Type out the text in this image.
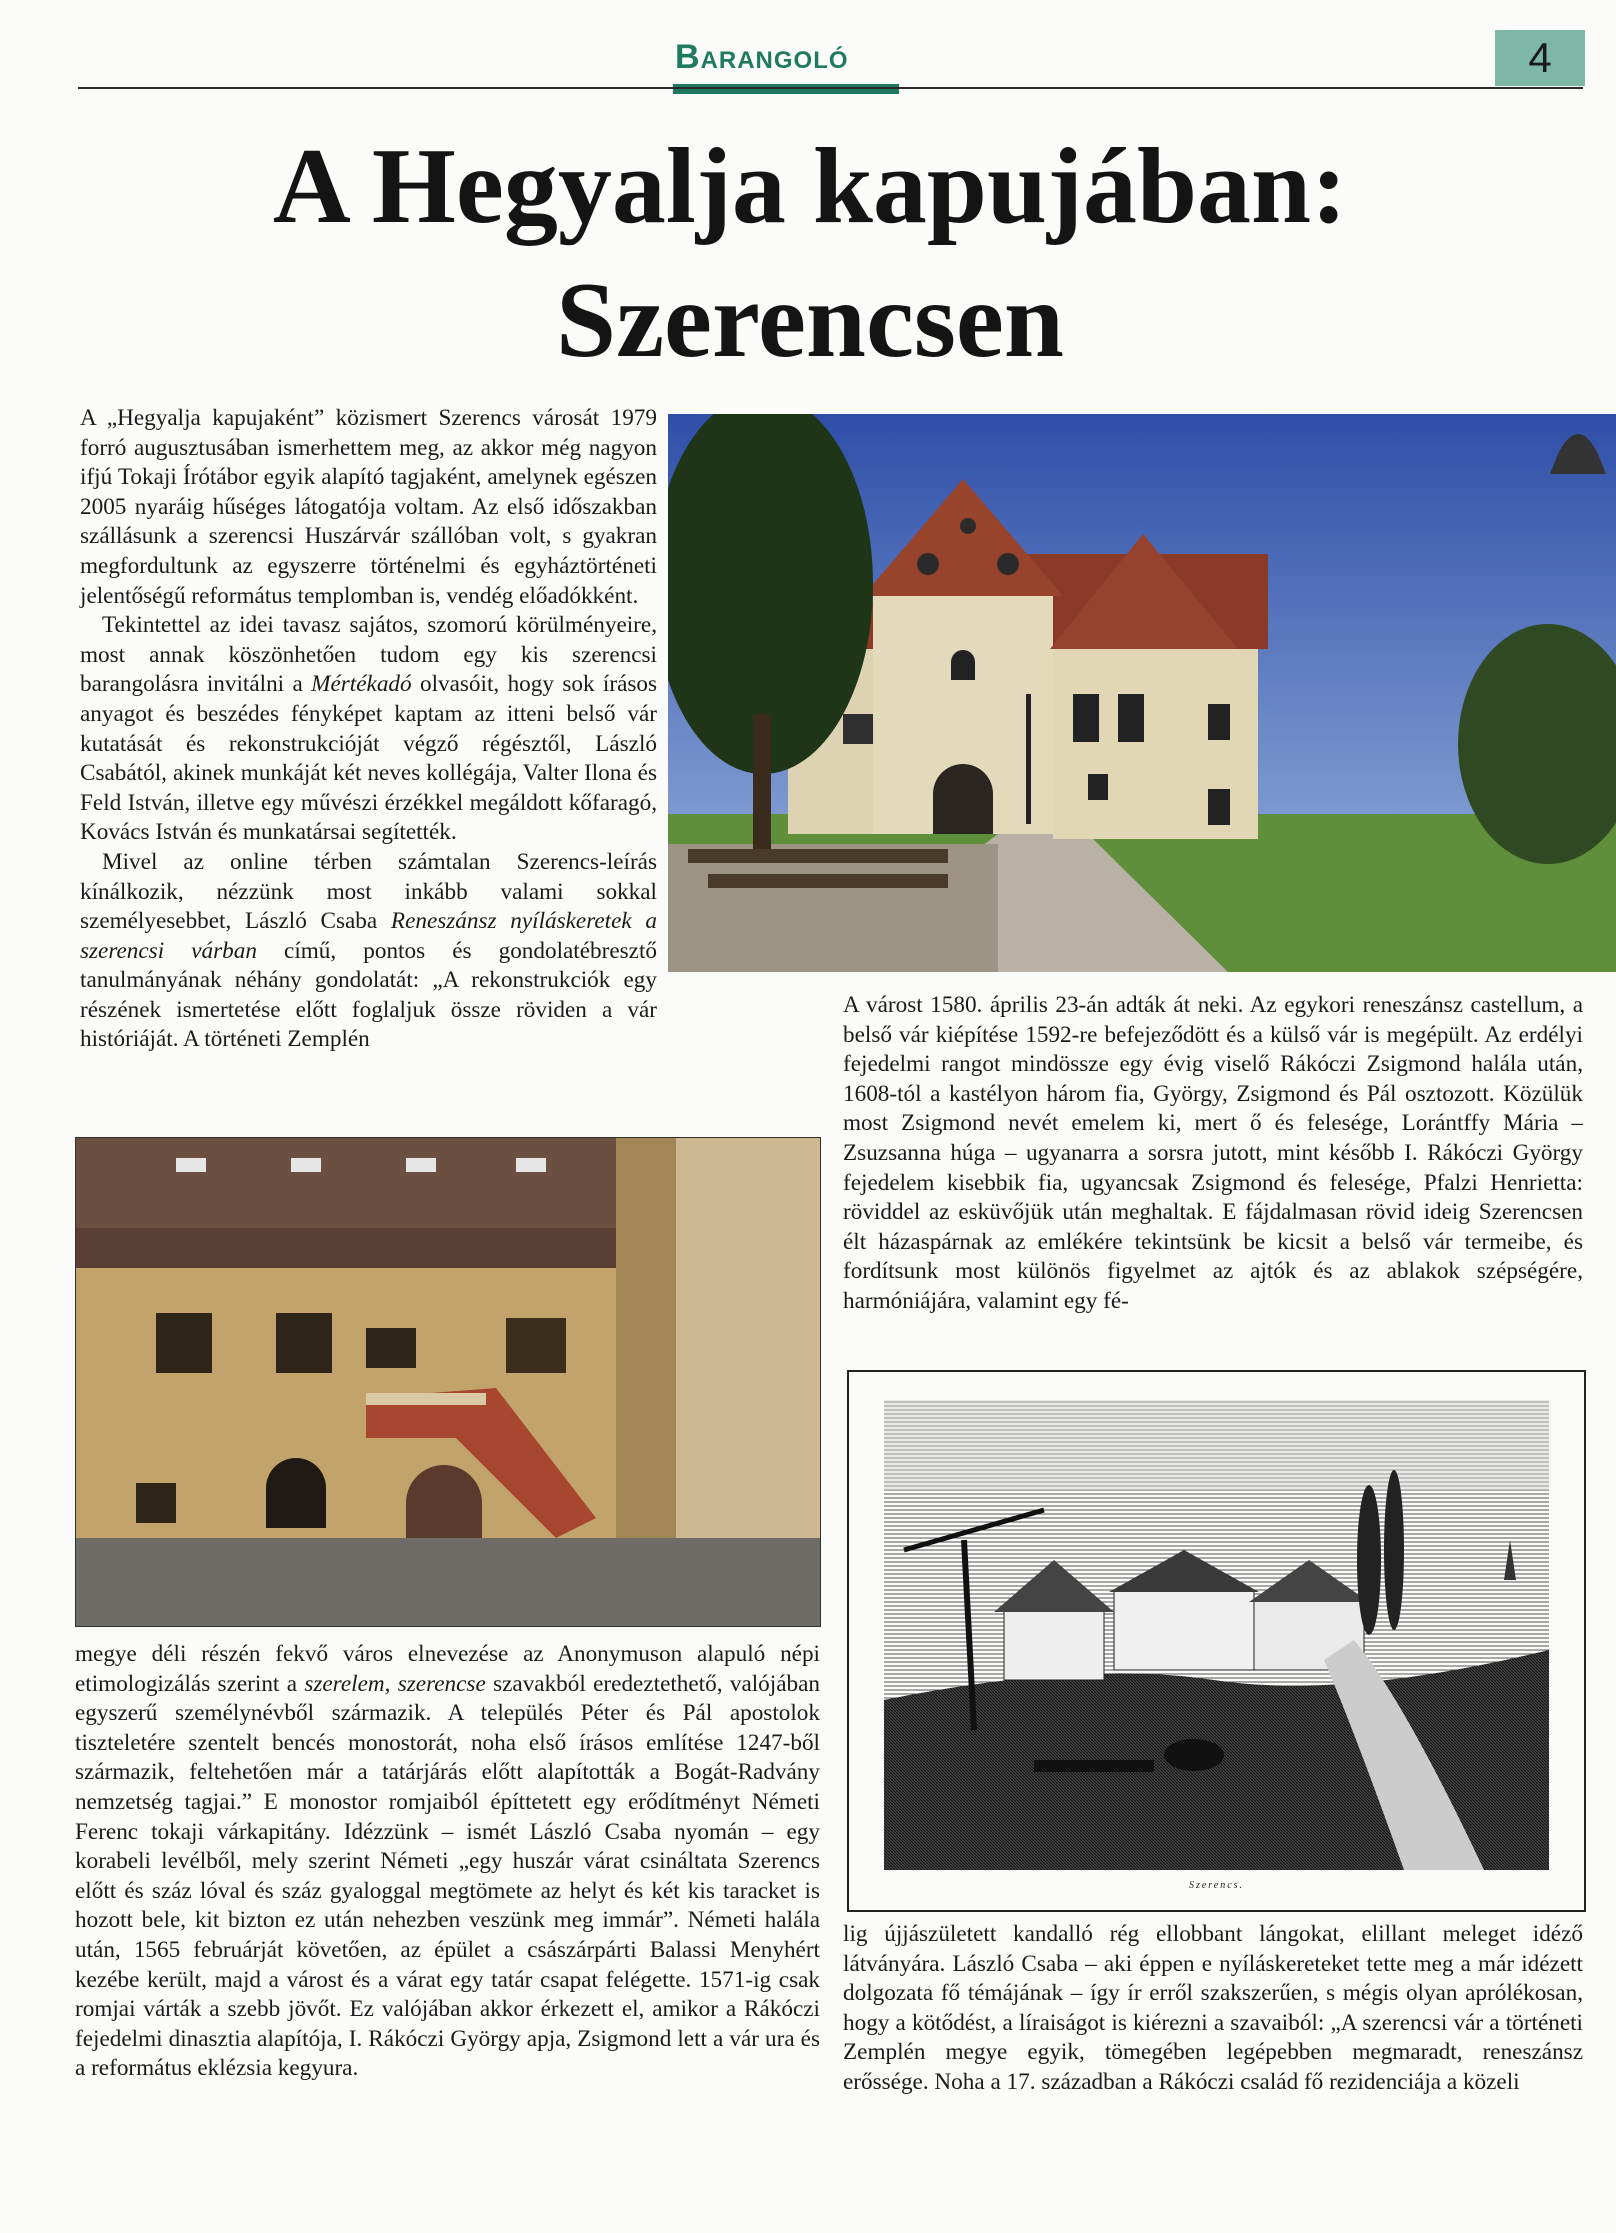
Barangoló	4
A Hegyalja kapujában:
Szerencsen

A „Hegyalja kapujaként” közismert Szerencs városát 1979 forró augusztusában ismerhettem meg, az akkor még nagyon ifjú Tokaji Írótábor egyik alapító tagjaként, amelynek egészen 2005 nyaráig hűséges látogatója voltam. Az első időszakban szállásunk a szerencsi Huszárvár szállóban volt, s gyakran megfordultunk az egyszerre történelmi és egyháztörténeti jelentőségű református templomban is, vendég előadókként.

Tekintettel az idei tavasz sajátos, szomorú körülményeire, most annak köszönhetően tudom egy kis szerencsi barangolásra invitálni a Mértékadó olvasóit, hogy sok írásos anyagot és beszédes fényképet kaptam az itteni belső vár kutatását és rekonstrukcióját végző régésztől, László Csabától, akinek munkáját két neves kollégája, Valter Ilona és Feld István, illetve egy művészi érzékkel megáldott kőfaragó, Kovács István és munkatársai segítették.

Mivel az online térben számtalan Szerencs-leírás kínálkozik, nézzünk most inkább valami sokkal személyesebbet, László Csaba Reneszánsz nyíláskeretek a szerencsi várban című, pontos és gondolatébresztő tanulmányának néhány gondolatát: „A rekonstrukciók egy részének ismertetése előtt foglaljuk össze röviden a vár históriáját. A történeti Zemplén

A várost 1580. április 23-án adták át neki. Az egykori reneszánsz castellum, a belső vár kiépítése 1592-re befejeződött és a külső vár is megépült. Az erdélyi fejedelmi rangot mindössze egy évig viselő Rákóczi Zsigmond halála után, 1608-tól a kastélyon három fia, György, Zsigmond és Pál osztozott. Közülük most Zsigmond nevét emelem ki, mert ő és felesége, Lorántffy Mária – Zsuzsanna húga – ugyanarra a sorsra jutott, mint később I. Rákóczi György fejedelem kisebbik fia, ugyancsak Zsigmond és felesége, Pfalzi Henrietta: röviddel az esküvőjük után meghaltak. E fájdalmasan rövid ideig Szerencsen élt házaspárnak az emlékére tekintsünk be kicsit a belső vár termeibe, és fordítsunk most különös figyelmet az ajtók és az ablakok szépségére, harmóniájára, valamint egy fé-

megye déli részén fekvő város elnevezése az Anonymuson alapuló népi etimologizálás szerint a szerelem, szerencse szavakból eredeztethető, valójában egyszerű személynévből származik. A település Péter és Pál apostolok tiszteletére szentelt bencés monostorát, noha első írásos említése 1247-ből származik, feltehetően már a tatárjárás előtt alapították a Bogát-Radvány nemzetség tagjai.” E monostor romjaiból építtetett egy erődítményt Németi Ferenc tokaji várkapitány. Idézzünk – ismét László Csaba nyomán – egy korabeli levélből, mely szerint Németi „egy huszár várat csináltata Szerencs előtt és száz lóval és száz gyaloggal megtömete az helyt és két kis taracket is hozott bele, kit bizton ez után nehezben veszünk meg immár”. Németi halála után, 1565 februárját követően, az épület a császárpárti Balassi Menyhért kezébe került, majd a várost és a várat egy tatár csapat felégette. 1571-ig csak romjai várták a szebb jövőt. Ez valójában akkor érkezett el, amikor a Rákóczi fejedelmi dinasztia alapítója, I. Rákóczi György apja, Zsigmond lett a vár ura és a református eklézsia kegyura.

Szerencs.

lig újjászületett kandalló rég ellobbant lángokat, elillant meleget idéző látványára. László Csaba – aki éppen e nyíláskereteket tette meg a már idézett dolgozata fő témájának – így ír erről szakszerűen, s mégis olyan aprólékosan, hogy a kötődést, a líraiságot is kiérezni a szavaiból: „A szerencsi vár a történeti Zemplén megye egyik, tömegében legépebben megmaradt, reneszánsz erőssége. Noha a 17. században a Rákóczi család fő rezidenciája a közeli
